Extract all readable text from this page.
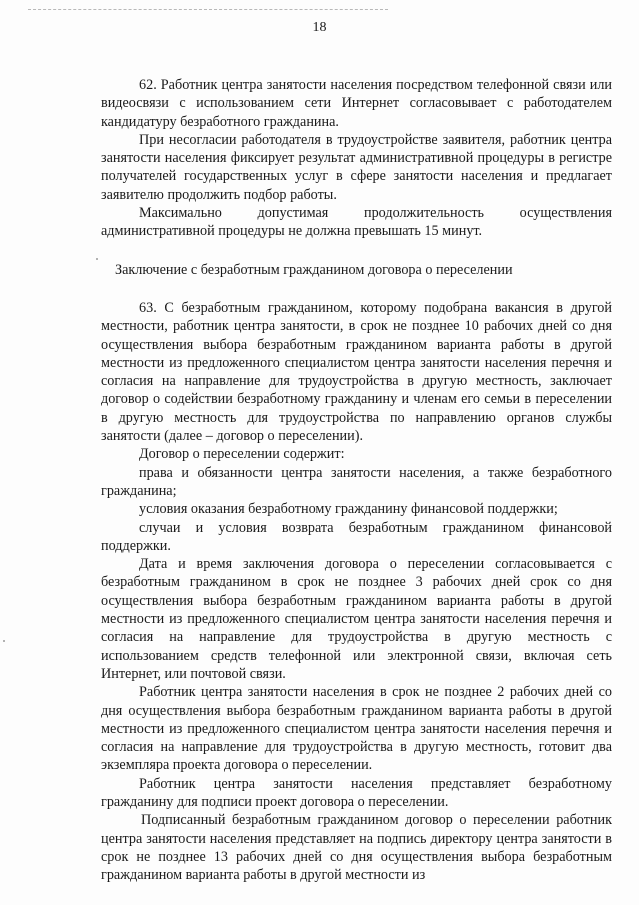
18

62. Работник центра занятости населения посредством телефонной связи или видеосвязи с использованием сети Интернет согласовывает с работодателем кандидатуру безработного гражданина.

При несогласии работодателя в трудоустройстве заявителя, работник центра занятости населения фиксирует результат административной процедуры в регистре получателей государственных услуг в сфере занятости населения и предлагает заявителю продолжить подбор работы.

Максимально допустимая продолжительность осуществления административной процедуры не должна превышать 15 минут.

Заключение с безработным гражданином договора о переселении

63. С безработным гражданином, которому подобрана вакансия в другой местности, работник центра занятости, в срок не позднее 10 рабочих дней со дня осуществления выбора безработным гражданином варианта работы в другой местности из предложенного специалистом центра занятости населения перечня и согласия на направление для трудоустройства в другую местность, заключает договор о содействии безработному гражданину и членам его семьи в переселении в другую местность для трудоустройства по направлению органов службы занятости (далее – договор о переселении).

Договор о переселении содержит:

права и обязанности центра занятости населения, а также безработного гражданина;

условия оказания безработному гражданину финансовой поддержки;

случаи и условия возврата безработным гражданином финансовой поддержки.

Дата и время заключения договора о переселении согласовывается с безработным гражданином в срок не позднее 3 рабочих дней срок со дня осуществления выбора безработным гражданином варианта работы в другой местности из предложенного специалистом центра занятости населения перечня и согласия на направление для трудоустройства в другую местность с использованием средств телефонной или электронной связи, включая сеть Интернет, или почтовой связи.

Работник центра занятости населения в срок не позднее 2 рабочих дней со дня осуществления выбора безработным гражданином варианта работы в другой местности из предложенного специалистом центра занятости населения перечня и согласия на направление для трудоустройства в другую местность, готовит два экземпляра проекта договора о переселении.

Работник центра занятости населения представляет безработному гражданину для подписи проект договора о переселении.

Подписанный безработным гражданином договор о переселении работник центра занятости населения представляет на подпись директору центра занятости в срок не позднее 13 рабочих дней со дня осуществления выбора безработным гражданином варианта работы в другой местности из
